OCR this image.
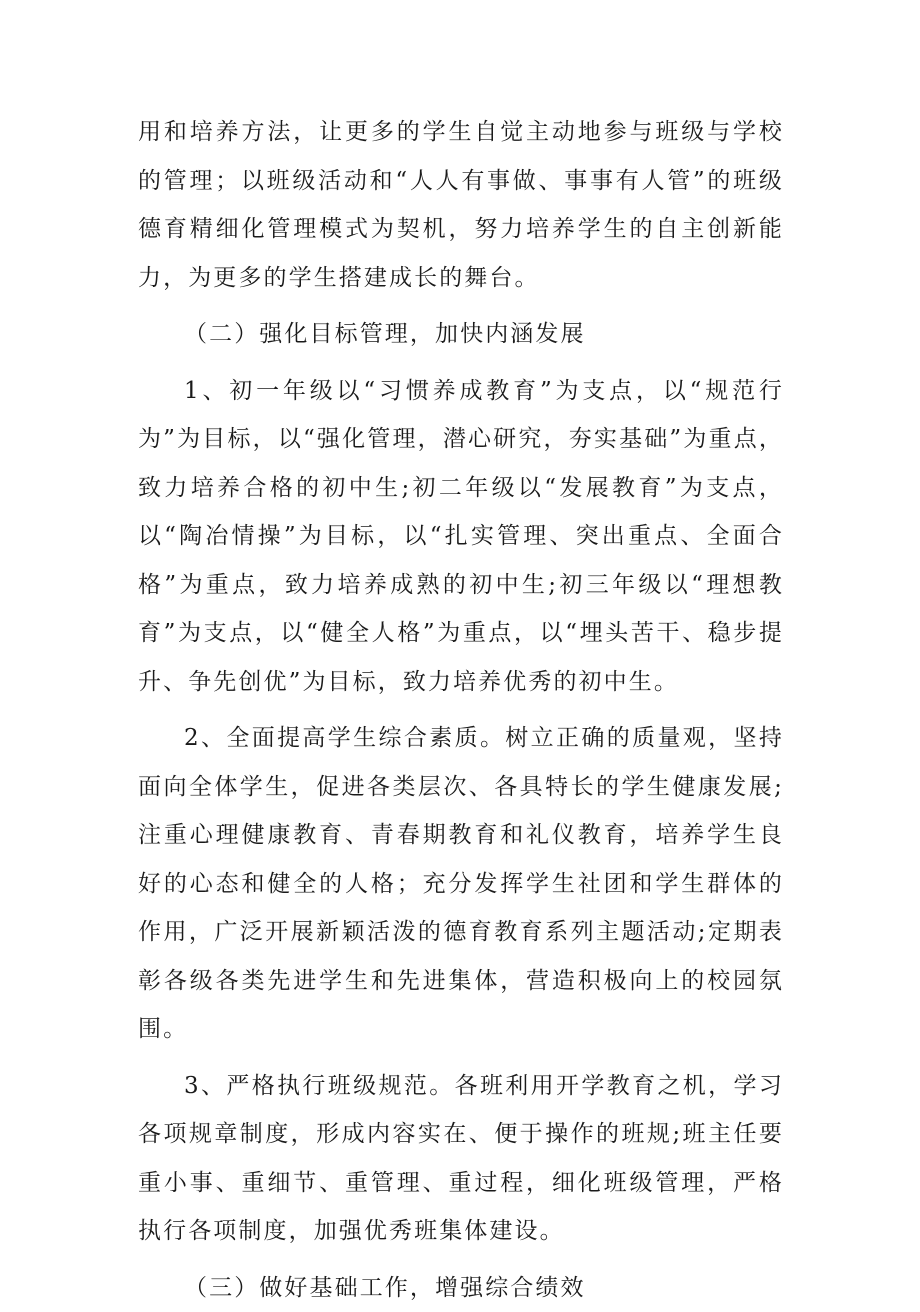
用和培养方法，让更多的学生自觉主动地参与班级与学校的管理；以班级活动和“人人有事做、事事有人管”的班级德育精细化管理模式为契机，努力培养学生的自主创新能力，为更多的学生搭建成长的舞台。

（二）强化目标管理，加快内涵发展

1、初一年级以“习惯养成教育”为支点，以“规范行为”为目标，以“强化管理，潜心研究，夯实基础”为重点，致力培养合格的初中生;初二年级以“发展教育”为支点，以“陶冶情操”为目标，以“扎实管理、突出重点、全面合格”为重点，致力培养成熟的初中生;初三年级以“理想教育”为支点，以“健全人格”为重点，以“埋头苦干、稳步提升、争先创优”为目标，致力培养优秀的初中生。

2、全面提高学生综合素质。树立正确的质量观，坚持面向全体学生，促进各类层次、各具特长的学生健康发展;注重心理健康教育、青春期教育和礼仪教育，培养学生良好的心态和健全的人格；充分发挥学生社团和学生群体的作用，广泛开展新颖活泼的德育教育系列主题活动;定期表彰各级各类先进学生和先进集体，营造积极向上的校园氛围。

3、严格执行班级规范。各班利用开学教育之机，学习各项规章制度，形成内容实在、便于操作的班规;班主任要重小事、重细节、重管理、重过程，细化班级管理，严格执行各项制度，加强优秀班集体建设。

（三）做好基础工作，增强综合绩效
